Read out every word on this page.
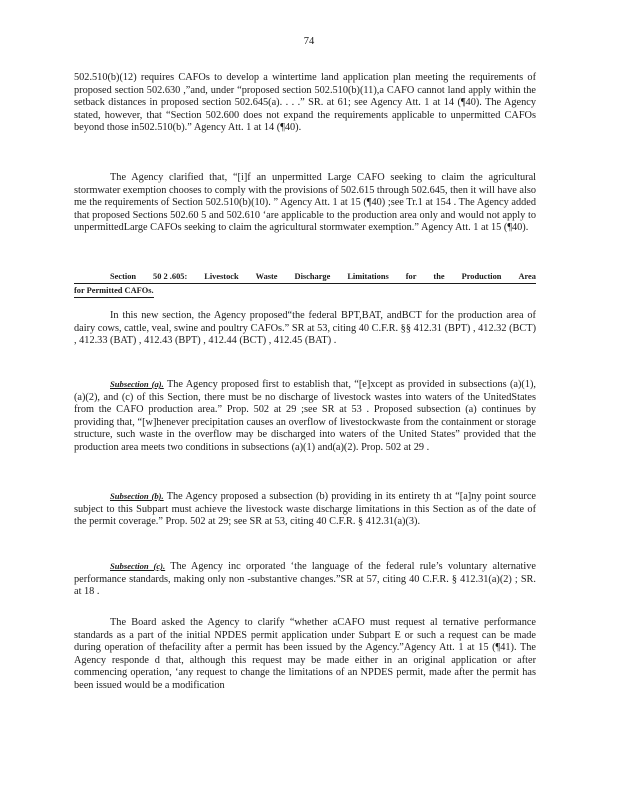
74

502.510(b)(12) requires CAFOs to develop a wintertime land application plan meeting the requirements of proposed section 502.630 ,”and, under “proposed section 502.510(b)(11),a CAFO cannot land apply within the setback distances in proposed section 502.645(a). . . .” SR. at 61; see Agency Att. 1 at 14 (¶40). The Agency stated, however, that “Section 502.600 does not expand the requirements applicable to unpermitted CAFOs beyond those in502.510(b).” Agency Att. 1 at 14 (¶40).

The Agency clarified that, “[i]f an unpermitted Large CAFO seeking to claim the agricultural stormwater exemption chooses to comply with the provisions of 502.615 through 502.645, then it will have also me the requirements of Section 502.510(b)(10). ” Agency Att. 1 at 15 (¶40) ;see Tr.1 at 154 . The Agency added that proposed Sections 502.60 5 and 502.610 ‘are applicable to the production area only and would not apply to unpermittedLarge CAFOs seeking to claim the agricultural stormwater exemption.” Agency Att. 1 at 15 (¶40).

Section 50 2 .605: Livestock Waste Discharge Limitations for the Production Area
for Permitted CAFOs.

In this new section, the Agency proposed“the federal BPT,BAT, andBCT for the production area of dairy cows, cattle, veal, swine and poultry CAFOs.” SR at 53, citing 40 C.F.R. §§ 412.31 (BPT) , 412.32 (BCT) , 412.33 (BAT) , 412.43 (BPT) , 412.44 (BCT) , 412.45 (BAT) .

Subsection (a). The Agency proposed first to establish that, “[e]xcept as provided in subsections (a)(1), (a)(2), and (c) of this Section, there must be no discharge of livestock wastes into waters of the UnitedStates from the CAFO production area.” Prop. 502 at 29 ;see SR at 53 . Proposed subsection (a) continues by providing that, “[w]henever precipitation causes an overflow of livestockwaste from the containment or storage structure, such waste in the overflow may be discharged into waters of the United States” provided that the production area meets two conditions in subsections (a)(1) and(a)(2). Prop. 502 at 29 .

Subsection (b). The Agency proposed a subsection (b) providing in its entirety th at “[a]ny point source subject to this Subpart must achieve the livestock waste discharge limitations in this Section as of the date of the permit coverage.” Prop. 502 at 29; see SR at 53, citing 40 C.F.R. § 412.31(a)(3).

Subsection (c). The Agency inc orporated ‘the language of the federal rule’s voluntary alternative performance standards, making only non -substantive changes.”SR at 57, citing 40 C.F.R. § 412.31(a)(2) ; SR. at 18 .

The Board asked the Agency to clarify “whether aCAFO must request al ternative performance standards as a part of the initial NPDES permit application under Subpart E or such a request can be made during operation of thefacility after a permit has been issued by the Agency.”Agency Att. 1 at 15 (¶41). The Agency responde d that, although this request may be made either in an original application or after commencing operation, ‘any request to change the limitations of an NPDES permit, made after the permit has been issued would be a modification
